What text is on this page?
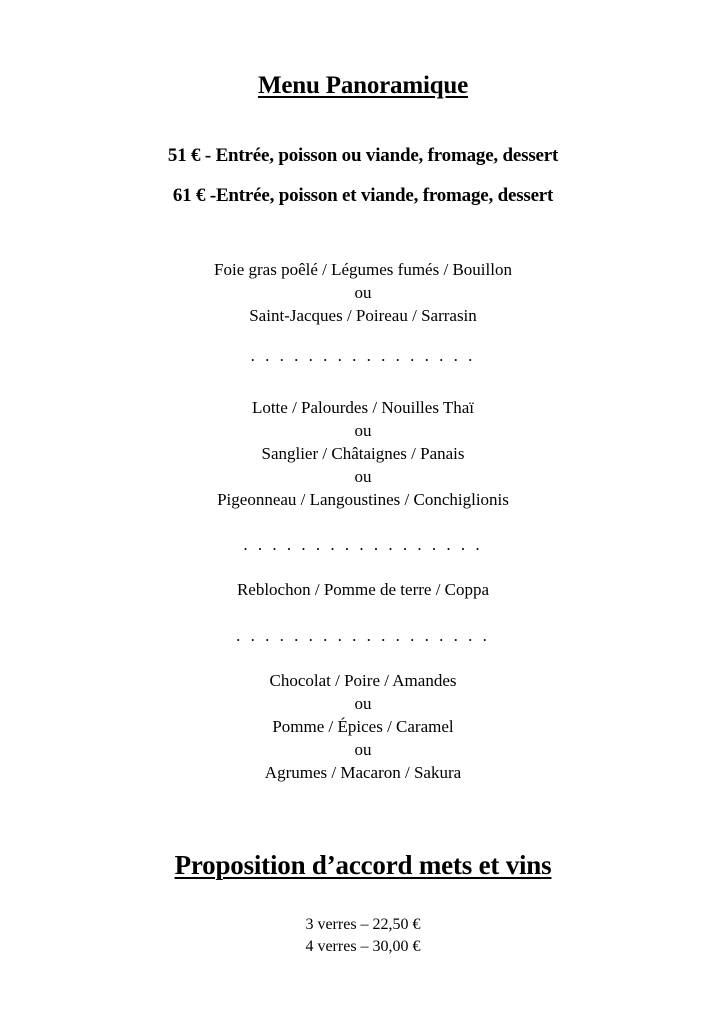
Menu Panoramique
51 € - Entrée, poisson ou viande, fromage, dessert
61 € -Entrée, poisson et viande, fromage, dessert
Foie gras poêlé / Légumes fumés / Bouillon
ou
Saint-Jacques / Poireau / Sarrasin
. . . . . . . . . . . . . . . .
Lotte / Palourdes / Nouilles Thaï
ou
Sanglier / Châtaignes / Panais
ou
Pigeonneau / Langoustines / Conchiglionis
. . . . . . . . . . . . . . . . .
Reblochon / Pomme de terre / Coppa
. . . . . . . . . . . . . . . . . .
Chocolat / Poire / Amandes
ou
Pomme / Épices / Caramel
ou
Agrumes / Macaron / Sakura
Proposition d’accord mets et vins
3 verres – 22,50 €
4 verres – 30,00 €
